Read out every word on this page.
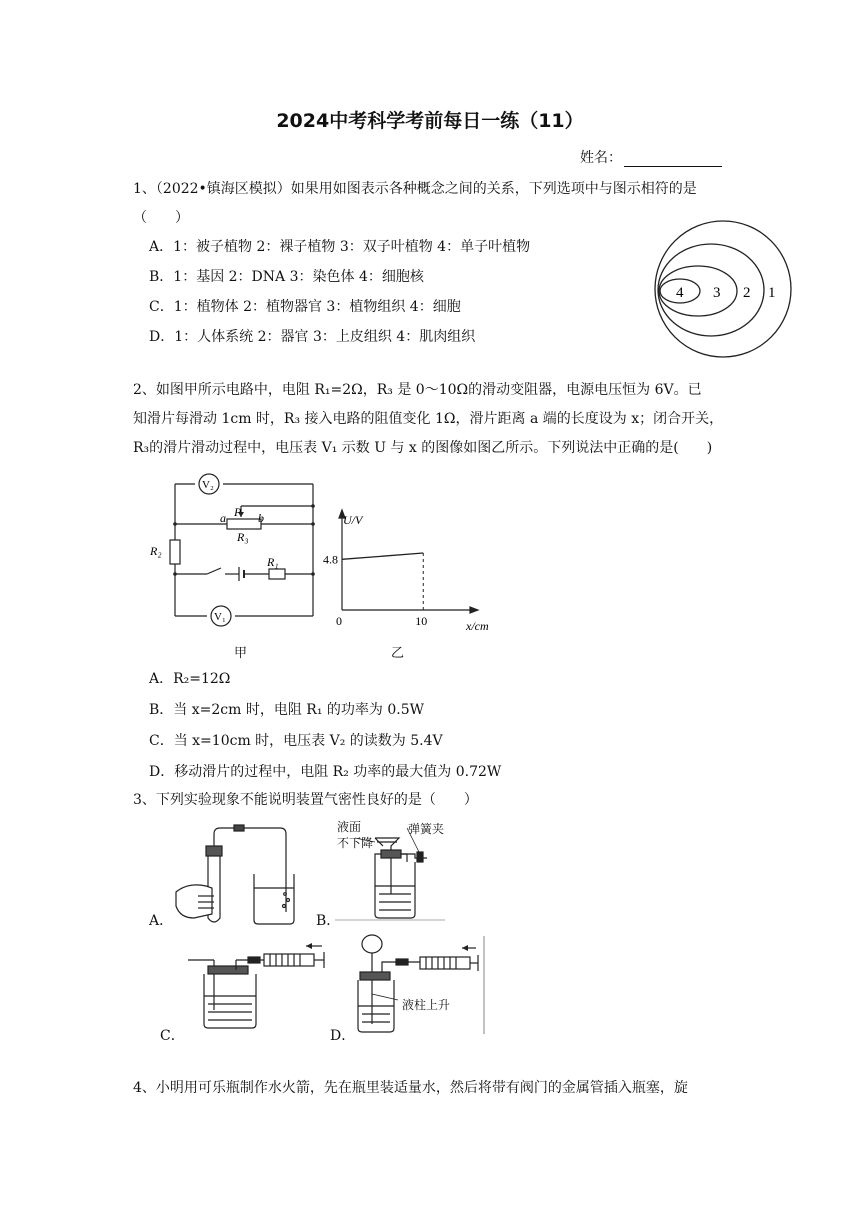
2024中考科学考前每日一练（11）
姓名：
1、（2022•镇海区模拟）如果用如图表示各种概念之间的关系，下列选项中与图示相符的是
（　　）
A．1：被子植物 2：裸子植物 3：双子叶植物 4：单子叶植物
B．1：基因 2：DNA 3：染色体 4：细胞核
C．1：植物体 2：植物器官 3：植物组织 4：细胞
D．1：人体系统 2：器官 3：上皮组织 4：肌肉组织
4 3 2 1
2、如图甲所示电路中，电阻 R₁=2Ω，R₃ 是 0～10Ω的滑动变阻器，电源电压恒为 6V。已
知滑片每滑动 1cm 时，R₃ 接入电路的阻值变化 1Ω，滑片距离 a 端的长度设为 x；闭合开关，
R₃的滑片滑动过程中，电压表 V₁ 示数 U 与 x 的图像如图乙所示。下列说法中正确的是(　　)
V₂
V₁
a P b
R₃
R₂
R₁
甲
0	10
4.8
U/V
x/cm
乙
A．R₂=12Ω
B．当 x=2cm 时，电阻 R₁ 的功率为 0.5W
C．当 x=10cm 时，电压表 V₂ 的读数为 5.4V
D．移动滑片的过程中，电阻 R₂ 功率的最大值为 0.72W
3、下列实验现象不能说明装置气密性良好的是（　　）
A．	B．
液面
不下降
弹簧夹
C．	D．
液柱上升
4、小明用可乐瓶制作水火箭，先在瓶里装适量水，然后将带有阀门的金属管插入瓶塞，旋
